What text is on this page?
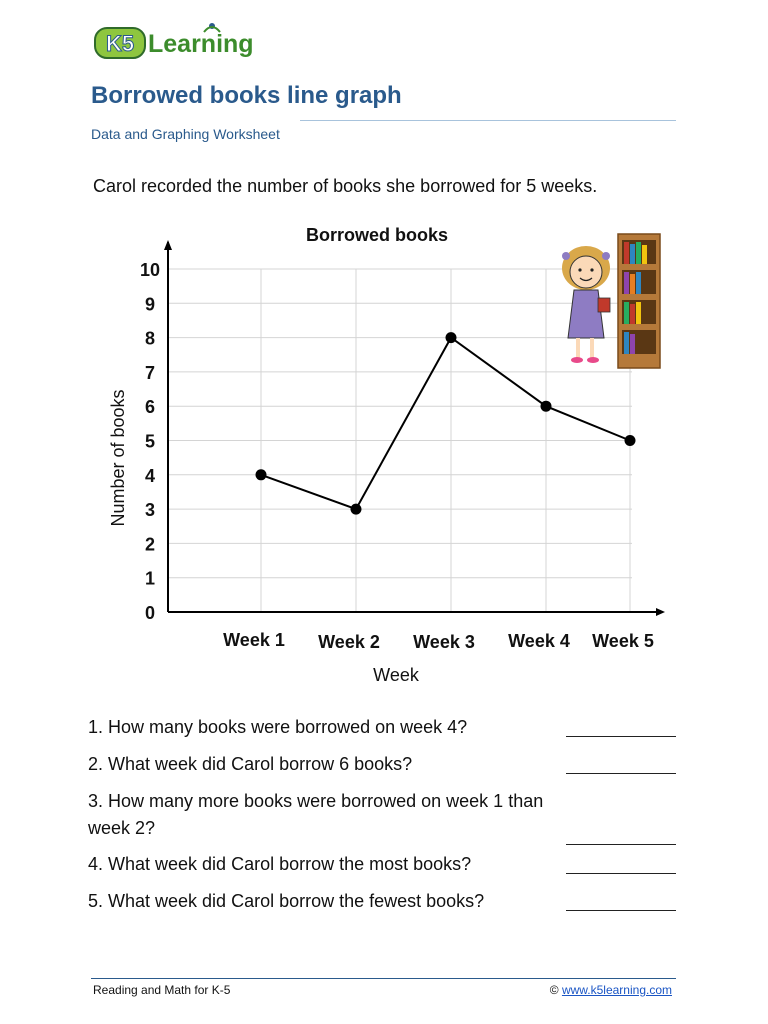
K5 Learning
Borrowed books line graph
Data and Graphing Worksheet
Carol recorded the number of books she borrowed for 5 weeks.
Borrowed books
0
1
2
3
4
5
6
7
8
9
10
Week 1 Week 2 Week 3 Week 4 Week 5
Week
Number of books
1. How many books were borrowed on week 4?
2. What week did Carol borrow 6 books?
3. How many more books were borrowed on week 1 than week 2?
4. What week did Carol borrow the most books?
5. What week did Carol borrow the fewest books?
Reading and Math for K-5	© www.k5learning.com
